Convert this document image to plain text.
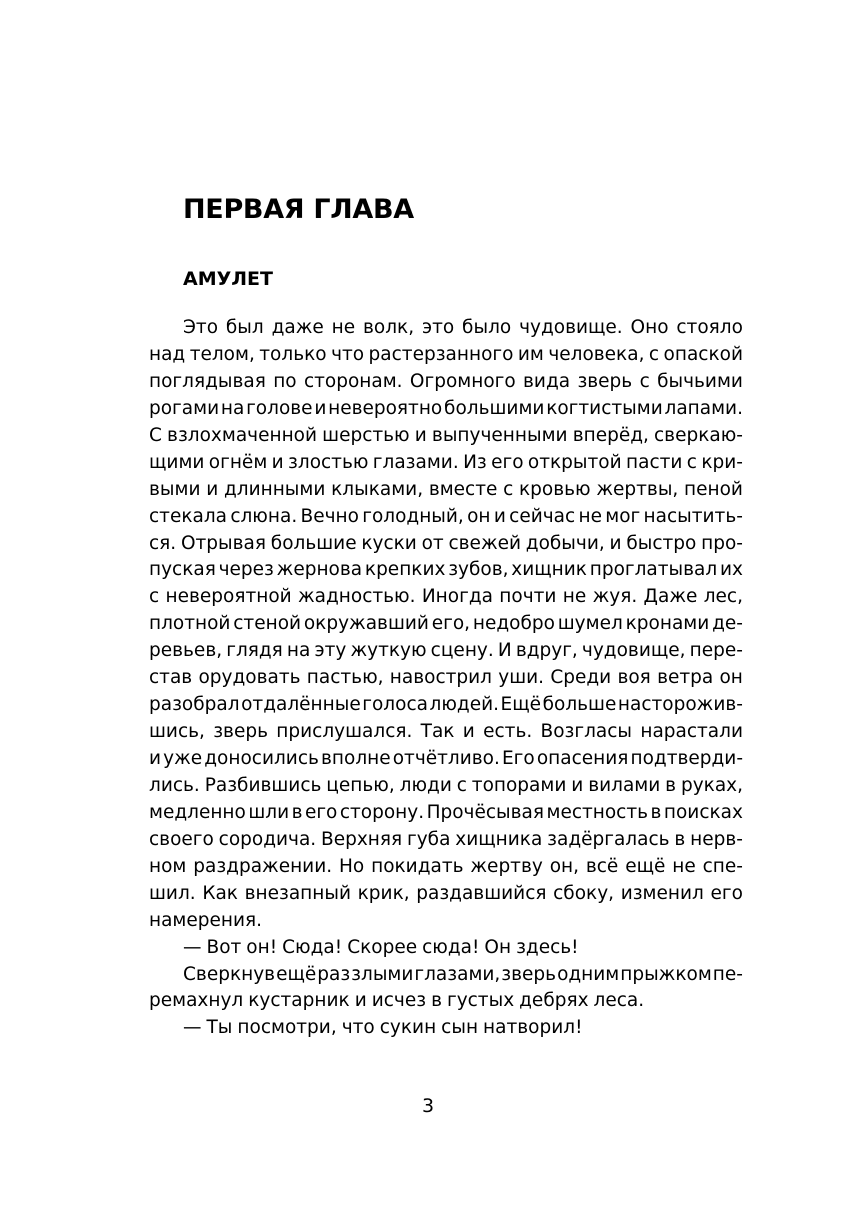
ПЕРВАЯ ГЛАВА
АМУЛЕТ
Это был даже не волк, это было чудовище. Оно стояло
над телом, только что растерзанного им человека, с опаской
поглядывая по сторонам. Огромного вида зверь с бычьими
рогами на голове и невероятно большими когтистыми лапами.
С взлохмаченной шерстью и выпученными вперёд, сверкаю-
щими огнём и злостью глазами. Из его открытой пасти с кри-
выми и длинными клыками, вместе с кровью жертвы, пеной
стекала слюна. Вечно голодный, он и сейчас не мог насытить-
ся. Отрывая большие куски от свежей добычи, и быстро про-
пуская через жернова крепких зубов, хищник проглатывал их
с невероятной жадностью. Иногда почти не жуя. Даже лес,
плотной стеной окружавший его, недобро шумел кронами де-
ревьев, глядя на эту жуткую сцену. И вдруг, чудовище, пере-
став орудовать пастью, навострил уши. Среди воя ветра он
разобрал отдалённые голоса людей. Ещё больше насторожив-
шись, зверь прислушался. Так и есть. Возгласы нарастали
и уже доносились вполне отчётливо. Его опасения подтверди-
лись. Разбившись цепью, люди с топорами и вилами в руках,
медленно шли в его сторону. Прочёсывая местность в поисках
своего сородича. Верхняя губа хищника задёргалась в нерв-
ном раздражении. Но покидать жертву он, всё ещё не спе-
шил. Как внезапный крик, раздавшийся сбоку, изменил его
намерения.
— Вот он! Сюда! Скорее сюда! Он здесь!
Сверкнув ещё раз злыми глазами, зверь одним прыжком пе-
ремахнул кустарник и исчез в густых дебрях леса.
— Ты посмотри, что сукин сын натворил!

3
